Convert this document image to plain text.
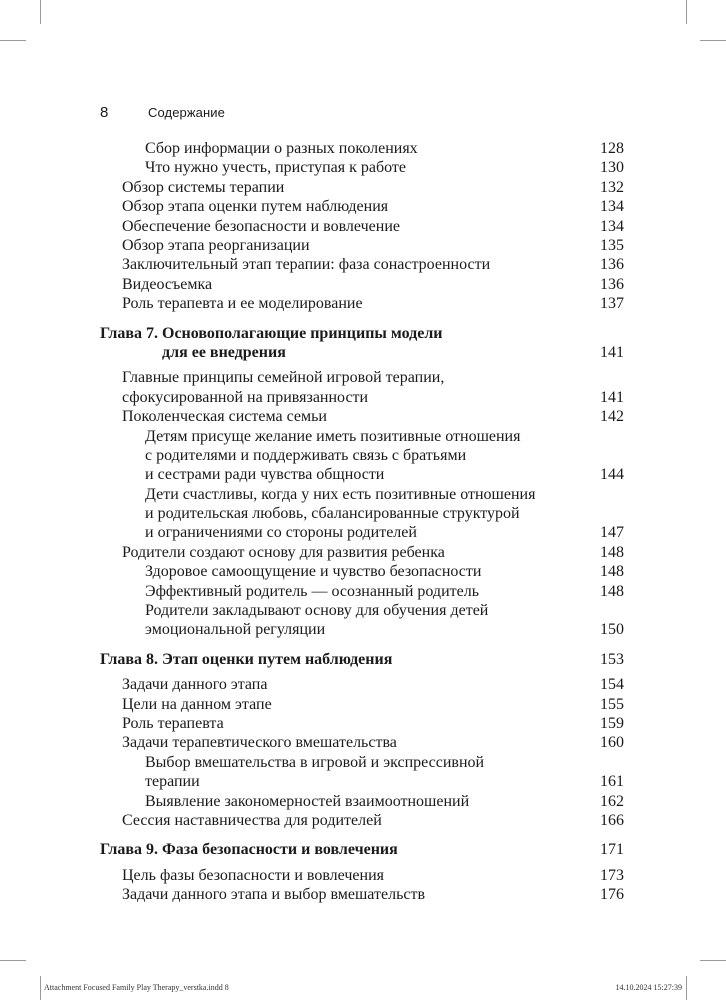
8	Содержание
Сбор информации о разных поколениях	128
Что нужно учесть, приступая к работе	130
Обзор системы терапии	132
Обзор этапа оценки путем наблюдения	134
Обеспечение безопасности и вовлечение	134
Обзор этапа реорганизации	135
Заключительный этап терапии: фаза сонастроенности	136
Видеосъемка	136
Роль терапевта и ее моделирование	137
Глава 7. Основополагающие принципы модели
для ее внедрения	141
Главные принципы семейной игровой терапии,
сфокусированной на привязанности	141
Поколенческая система семьи	142
Детям присуще желание иметь позитивные отношения
с родителями и поддерживать связь с братьями
и сестрами ради чувства общности	144
Дети счастливы, когда у них есть позитивные отношения
и родительская любовь, сбалансированные структурой
и ограничениями со стороны родителей	147
Родители создают основу для развития ребенка	148
Здоровое самоощущение и чувство безопасности	148
Эффективный родитель — осознанный родитель	148
Родители закладывают основу для обучения детей
эмоциональной регуляции	150
Глава 8. Этап оценки путем наблюдения	153
Задачи данного этапа	154
Цели на данном этапе	155
Роль терапевта	159
Задачи терапевтического вмешательства	160
Выбор вмешательства в игровой и экспрессивной
терапии	161
Выявление закономерностей взаимоотношений	162
Сессия наставничества для родителей	166
Глава 9. Фаза безопасности и вовлечения	171
Цель фазы безопасности и вовлечения	173
Задачи данного этапа и выбор вмешательств	176
Attachment Focused Family Play Therapy_verstka.indd 8	14.10.2024 15:27:39
